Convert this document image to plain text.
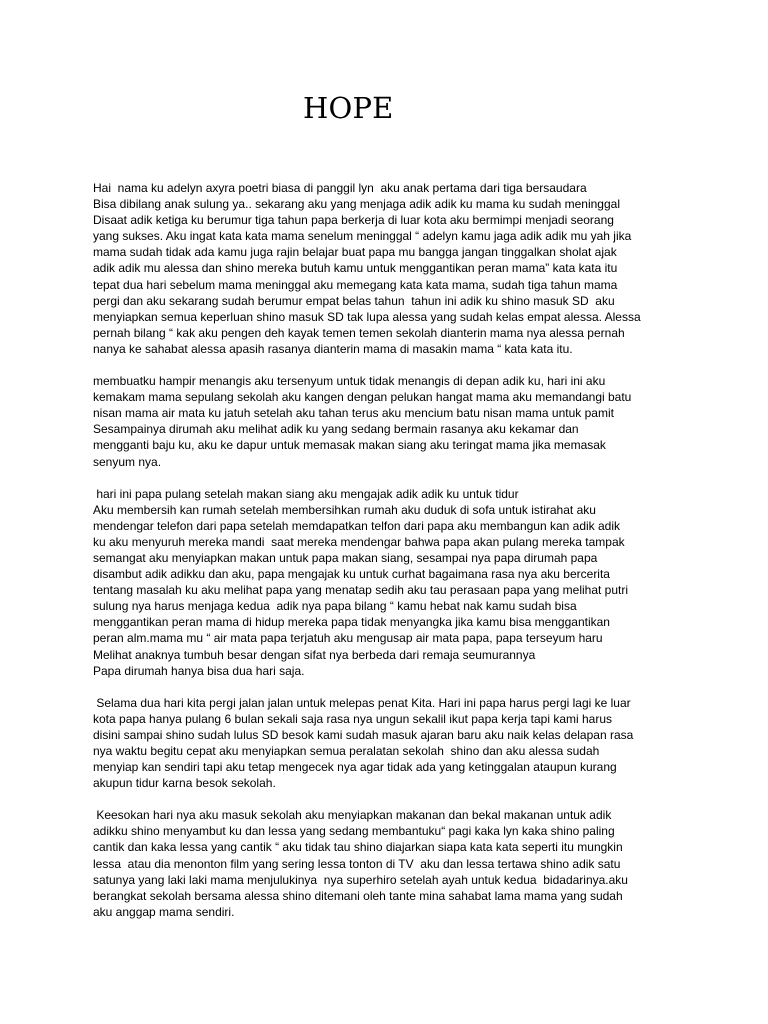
HOPE
Hai  nama ku adelyn axyra poetri biasa di panggil lyn  aku anak pertama dari tiga bersaudara
Bisa dibilang anak sulung ya.. sekarang aku yang menjaga adik adik ku mama ku sudah meninggal
Disaat adik ketiga ku berumur tiga tahun papa berkerja di luar kota aku bermimpi menjadi seorang
yang sukses. Aku ingat kata kata mama senelum meninggal “ adelyn kamu jaga adik adik mu yah jika
mama sudah tidak ada kamu juga rajin belajar buat papa mu bangga jangan tinggalkan sholat ajak
adik adik mu alessa dan shino mereka butuh kamu untuk menggantikan peran mama” kata kata itu
tepat dua hari sebelum mama meninggal aku memegang kata kata mama, sudah tiga tahun mama
pergi dan aku sekarang sudah berumur empat belas tahun  tahun ini adik ku shino masuk SD  aku
menyiapkan semua keperluan shino masuk SD tak lupa alessa yang sudah kelas empat alessa. Alessa
pernah bilang “ kak aku pengen deh kayak temen temen sekolah dianterin mama nya alessa pernah
nanya ke sahabat alessa apasih rasanya dianterin mama di masakin mama “ kata kata itu.
membuatku hampir menangis aku tersenyum untuk tidak menangis di depan adik ku, hari ini aku
kemakam mama sepulang sekolah aku kangen dengan pelukan hangat mama aku memandangi batu
nisan mama air mata ku jatuh setelah aku tahan terus aku mencium batu nisan mama untuk pamit
Sesampainya dirumah aku melihat adik ku yang sedang bermain rasanya aku kekamar dan
mengganti baju ku, aku ke dapur untuk memasak makan siang aku teringat mama jika memasak
senyum nya.
hari ini papa pulang setelah makan siang aku mengajak adik adik ku untuk tidur
Aku membersih kan rumah setelah membersihkan rumah aku duduk di sofa untuk istirahat aku
mendengar telefon dari papa setelah memdapatkan telfon dari papa aku membangun kan adik adik
ku aku menyuruh mereka mandi  saat mereka mendengar bahwa papa akan pulang mereka tampak
semangat aku menyiapkan makan untuk papa makan siang, sesampai nya papa dirumah papa
disambut adik adikku dan aku, papa mengajak ku untuk curhat bagaimana rasa nya aku bercerita
tentang masalah ku aku melihat papa yang menatap sedih aku tau perasaan papa yang melihat putri
sulung nya harus menjaga kedua  adik nya papa bilang “ kamu hebat nak kamu sudah bisa
menggantikan peran mama di hidup mereka papa tidak menyangka jika kamu bisa menggantikan
peran alm.mama mu “ air mata papa terjatuh aku mengusap air mata papa, papa terseyum haru
Melihat anaknya tumbuh besar dengan sifat nya berbeda dari remaja seumurannya
Papa dirumah hanya bisa dua hari saja.
Selama dua hari kita pergi jalan jalan untuk melepas penat Kita. Hari ini papa harus pergi lagi ke luar
kota papa hanya pulang 6 bulan sekali saja rasa nya ungun sekalil ikut papa kerja tapi kami harus
disini sampai shino sudah lulus SD besok kami sudah masuk ajaran baru aku naik kelas delapan rasa
nya waktu begitu cepat aku menyiapkan semua peralatan sekolah  shino dan aku alessa sudah
menyiap kan sendiri tapi aku tetap mengecek nya agar tidak ada yang ketinggalan ataupun kurang
akupun tidur karna besok sekolah.
Keesokan hari nya aku masuk sekolah aku menyiapkan makanan dan bekal makanan untuk adik
adikku shino menyambut ku dan lessa yang sedang membantuku“ pagi kaka lyn kaka shino paling
cantik dan kaka lessa yang cantik “ aku tidak tau shino diajarkan siapa kata kata seperti itu mungkin
lessa  atau dia menonton film yang sering lessa tonton di TV  aku dan lessa tertawa shino adik satu
satunya yang laki laki mama menjulukinya  nya superhiro setelah ayah untuk kedua  bidadarinya.aku
berangkat sekolah bersama alessa shino ditemani oleh tante mina sahabat lama mama yang sudah
aku anggap mama sendiri.
